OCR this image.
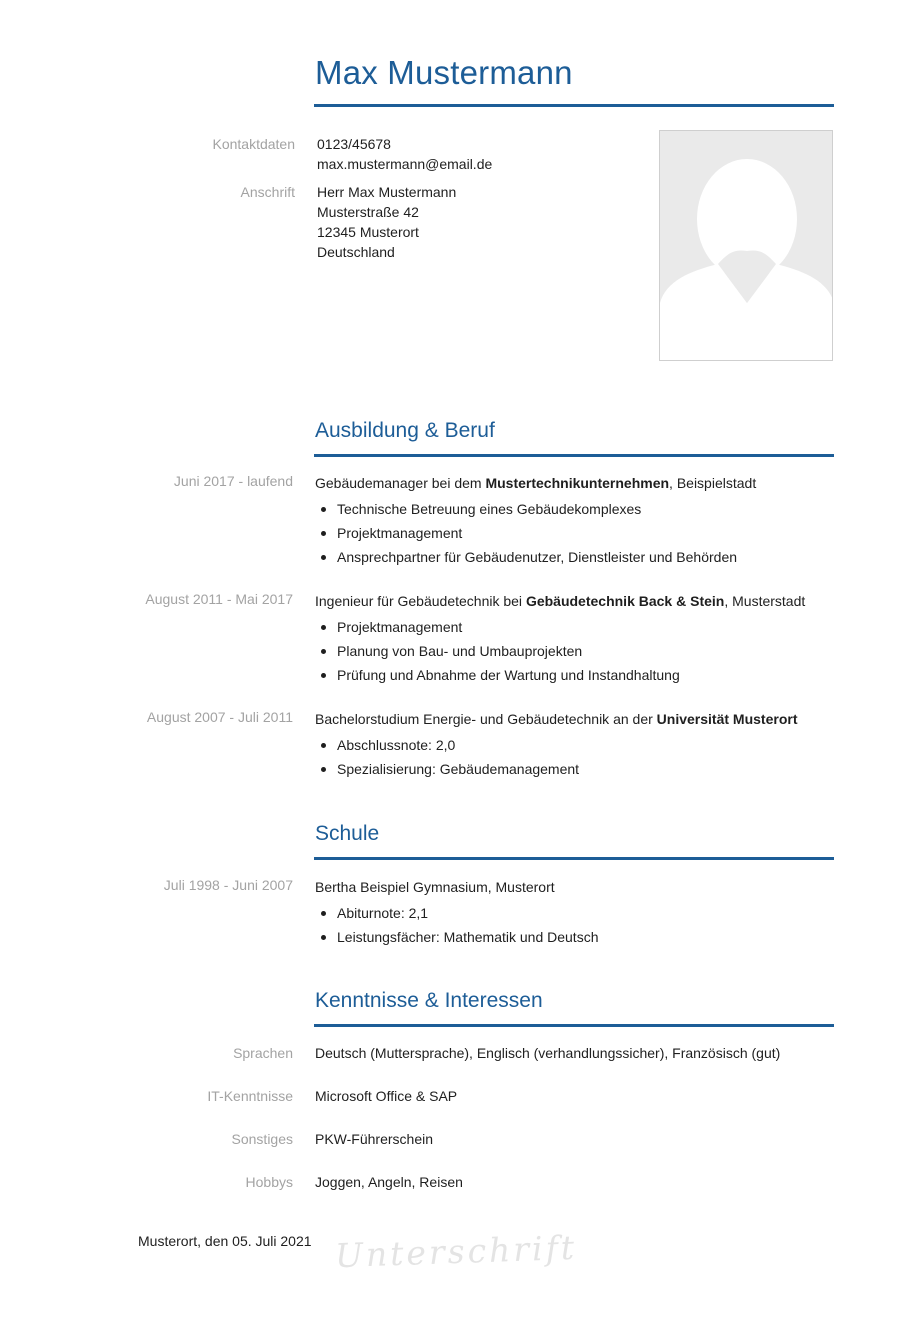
Max Mustermann
Kontaktdaten 0123/45678
max.mustermann@email.de
Anschrift Herr Max Mustermann
Musterstraße 42
12345 Musterort
Deutschland
Ausbildung & Beruf
Juni 2017 - laufend Gebäudemanager bei dem Mustertechnikunternehmen, Beispielstadt
Technische Betreuung eines Gebäudekomplexes
Projektmanagement
Ansprechpartner für Gebäudenutzer, Dienstleister und Behörden
August 2011 - Mai 2017 Ingenieur für Gebäudetechnik bei Gebäudetechnik Back & Stein, Musterstadt
Projektmanagement
Planung von Bau- und Umbauprojekten
Prüfung und Abnahme der Wartung und Instandhaltung
August 2007 - Juli 2011 Bachelorstudium Energie- und Gebäudetechnik an der Universität Musterort
Abschlussnote: 2,0
Spezialisierung: Gebäudemanagement
Schule
Juli 1998 - Juni 2007 Bertha Beispiel Gymnasium, Musterort
Abiturnote: 2,1
Leistungsfächer: Mathematik und Deutsch
Kenntnisse & Interessen
Sprachen Deutsch (Muttersprache), Englisch (verhandlungssicher), Französisch (gut)
IT-Kenntnisse Microsoft Office & SAP
Sonstiges PKW-Führerschein
Hobbys Joggen, Angeln, Reisen
Musterort, den 05. Juli 2021 Unterschrift
